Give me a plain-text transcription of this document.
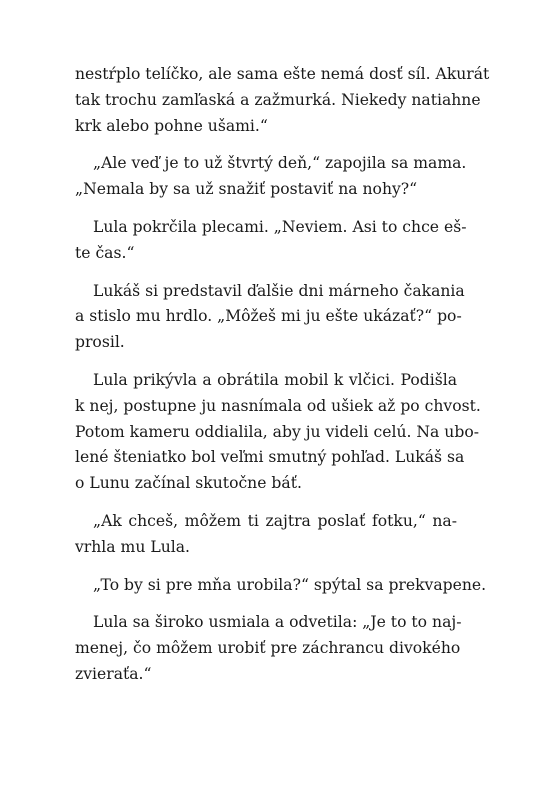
nestŕplo telíčko, ale sama ešte nemá dosť síl. Akurát
tak trochu zamľaská a zažmurká. Niekedy natiahne
krk alebo pohne ušami.“
„Ale veď je to už štvrtý deň,“ zapojila sa mama.
„Nemala by sa už snažiť postaviť na nohy?“
Lula pokrčila plecami. „Neviem. Asi to chce eš-
te čas.“
Lukáš si predstavil ďalšie dni márneho čakania
a stislo mu hrdlo. „Môžeš mi ju ešte ukázať?“ po-
prosil.
Lula prikývla a obrátila mobil k vlčici. Podišla
k nej, postupne ju nasnímala od ušiek až po chvost.
Potom kameru oddialila, aby ju videli celú. Na ubo-
lené šteniatko bol veľmi smutný pohľad. Lukáš sa
o Lunu začínal skutočne báť.
„Ak chceš, môžem ti zajtra poslať fotku,“ na-
vrhla mu Lula.
„To by si pre mňa urobila?“ spýtal sa prekvapene.
Lula sa široko usmiala a odvetila: „Je to to naj-
menej, čo môžem urobiť pre záchrancu divokého
zvieraťa.“
